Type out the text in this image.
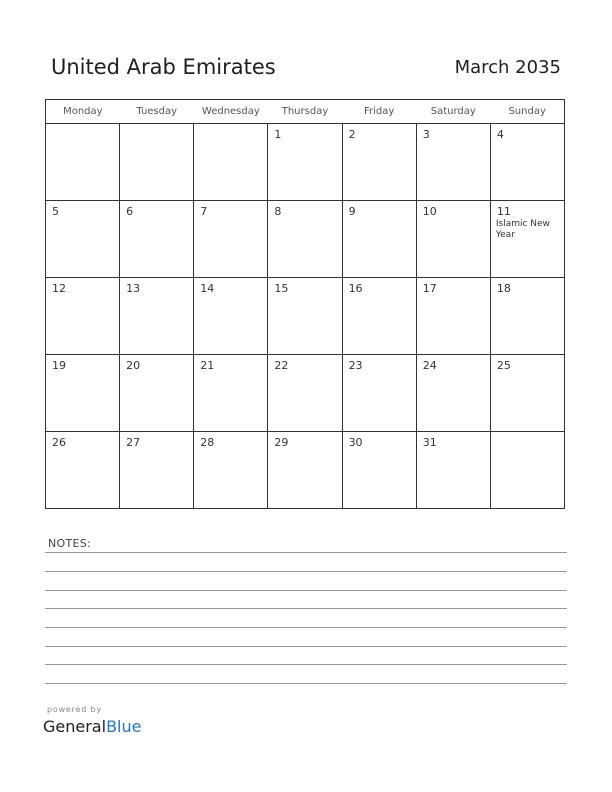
United Arab Emirates	March 2035
Monday	Tuesday	Wednesday	Thursday	Friday	Saturday	Sunday

			1	2	3	4

5	6	7	8	9	10	11
Islamic New Year

12	13	14	15	16	17	18

19	20	21	22	23	24	25

26	27	28	29	30	31	

NOTES:
powered by
GeneralBlue
